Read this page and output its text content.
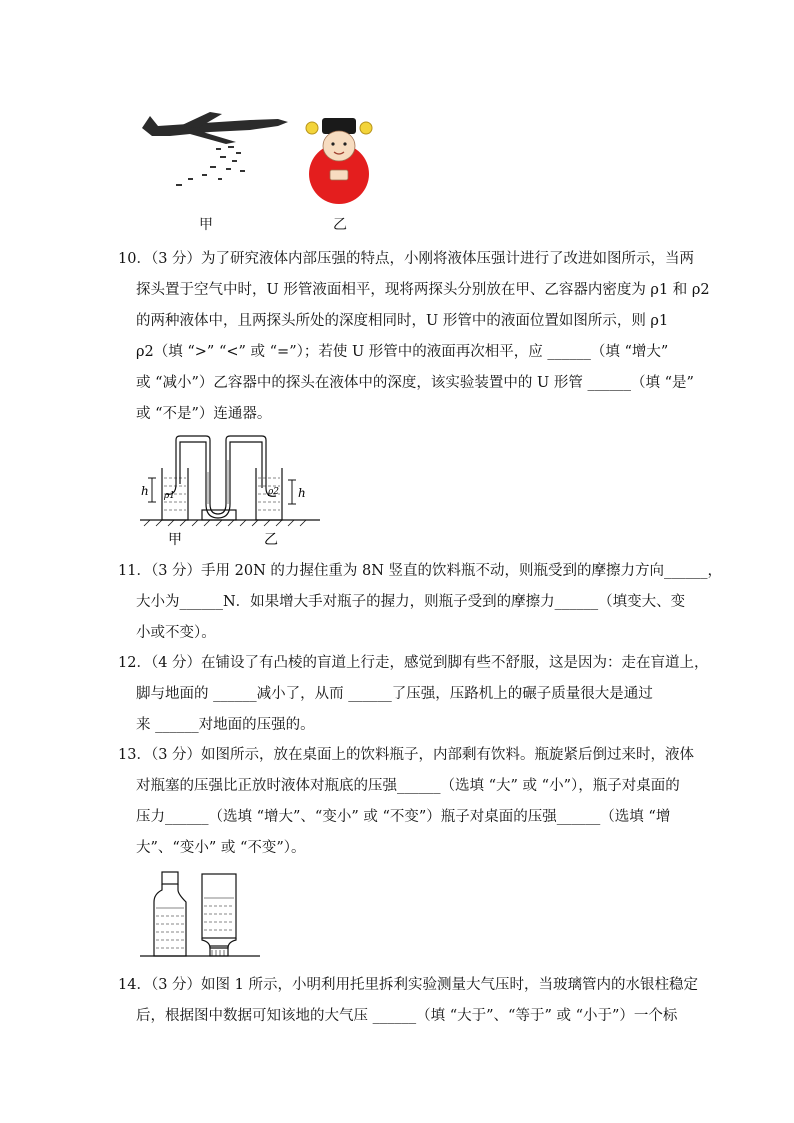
甲	乙
10．（3 分）为了研究液体内部压强的特点，小刚将液体压强计进行了改进如图所示，当两
探头置于空气中时，U 形管液面相平，现将两探头分别放在甲、乙容器内密度为 ρ1 和 ρ2
的两种液体中，且两探头所处的深度相同时，U 形管中的液面位置如图所示，则 ρ1
ρ2（填 “>” “<” 或 “=”）；若使 U 形管中的液面再次相平，应 ______（填 “增大”
或 “减小”）乙容器中的探头在液体中的深度，该实验装置中的 U 形管 ______（填 “是”
或 “不是”）连通器。
h	h
ρ1	ρ2
甲	乙
11．（3 分）手用 20N 的力握住重为 8N 竖直的饮料瓶不动，则瓶受到的摩擦力方向______，
大小为______N．如果增大手对瓶子的握力，则瓶子受到的摩擦力______（填变大、变
小或不变）。
12．（4 分）在铺设了有凸棱的盲道上行走，感觉到脚有些不舒服，这是因为：走在盲道上，
脚与地面的 ______减小了，从而 ______了压强，压路机上的碾子质量很大是通过
来 ______对地面的压强的。
13．（3 分）如图所示，放在桌面上的饮料瓶子，内部剩有饮料。瓶旋紧后倒过来时，液体
对瓶塞的压强比正放时液体对瓶底的压强______（选填 “大” 或 “小”），瓶子对桌面的
压力______（选填 “增大”、“变小” 或 “不变”）瓶子对桌面的压强______（选填 “增
大”、“变小” 或 “不变”）。
14．（3 分）如图 1 所示，小明利用托里拆利实验测量大气压时，当玻璃管内的水银柱稳定
后，根据图中数据可知该地的大气压 ______（填 “大于”、“等于” 或 “小于”）一个标
